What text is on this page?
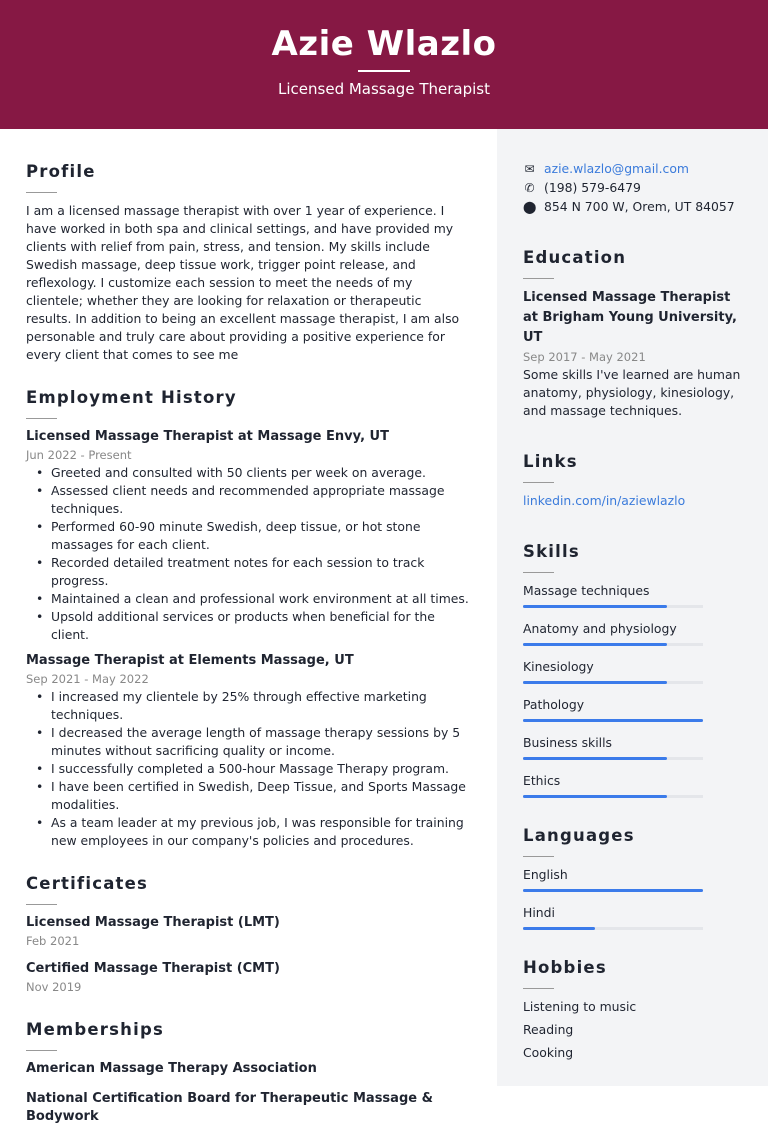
Azie Wlazlo
Licensed Massage Therapist
Profile

I am a licensed massage therapist with over 1 year of experience. I have worked in both spa and clinical settings, and have provided my clients with relief from pain, stress, and tension. My skills include Swedish massage, deep tissue work, trigger point release, and reflexology. I customize each session to meet the needs of my clientele; whether they are looking for relaxation or therapeutic results. In addition to being an excellent massage therapist, I am also personable and truly care about providing a positive experience for every client that comes to see me

Employment History
Licensed Massage Therapist at Massage Envy, UT
Jun 2022 - Present
• Greeted and consulted with 50 clients per week on average.
• Assessed client needs and recommended appropriate massage techniques.
• Performed 60-90 minute Swedish, deep tissue, or hot stone massages for each client.
• Recorded detailed treatment notes for each session to track progress.
• Maintained a clean and professional work environment at all times.
• Upsold additional services or products when beneficial for the client.
Massage Therapist at Elements Massage, UT
Sep 2021 - May 2022
• I increased my clientele by 25% through effective marketing techniques.
• I decreased the average length of massage therapy sessions by 5 minutes without sacrificing quality or income.
• I successfully completed a 500-hour Massage Therapy program.
• I have been certified in Swedish, Deep Tissue, and Sports Massage modalities.
• As a team leader at my previous job, I was responsible for training new employees in our company's policies and procedures.
Certificates
Licensed Massage Therapist (LMT)
Feb 2021
Certified Massage Therapist (CMT)
Nov 2019
Memberships
American Massage Therapy Association
National Certification Board for Therapeutic Massage & Bodywork
✉ azie.wlazlo@gmail.com
✆ (198) 579-6479
⬤ 854 N 700 W, Orem, UT 84057
Education
Licensed Massage Therapist at Brigham Young University, UT
Sep 2017 - May 2021

Some skills I've learned are human anatomy, physiology, kinesiology, and massage techniques.

Links
linkedin.com/in/aziewlazlo
Skills
Massage techniques
Anatomy and physiology
Kinesiology
Pathology
Business skills
Ethics
Languages
English
Hindi
Hobbies
Listening to music
Reading
Cooking
